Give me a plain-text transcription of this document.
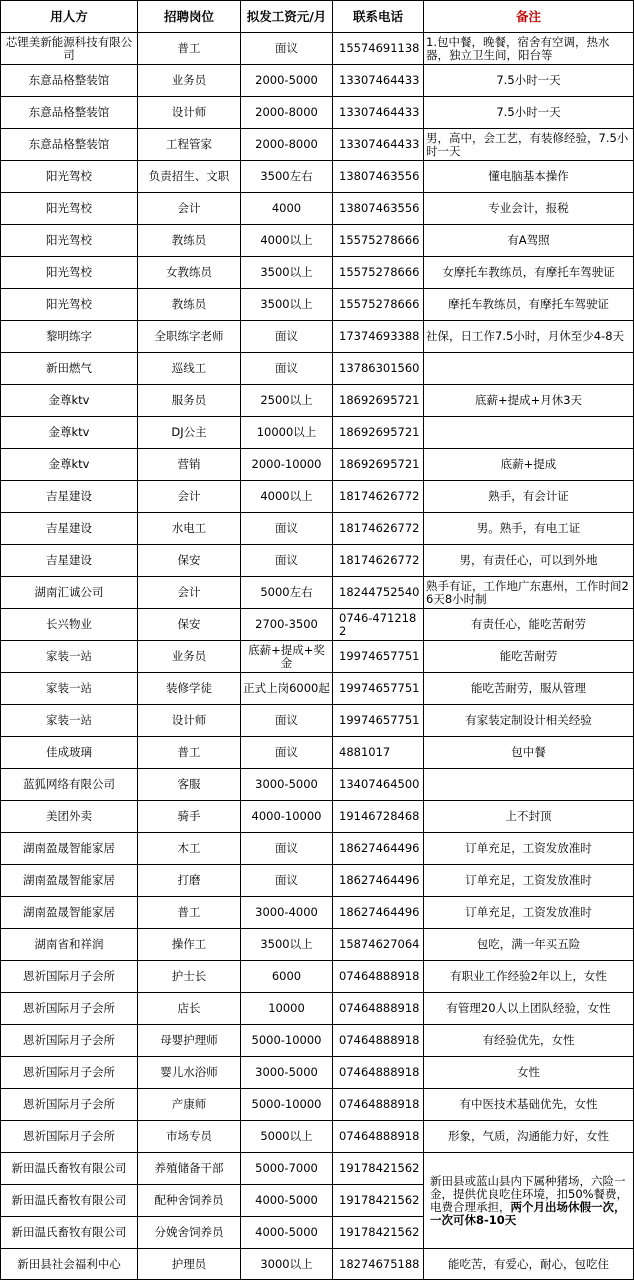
用人方	招聘岗位	拟发工资元/月	联系电话	备注
芯锂美新能源科技有限公司	普工	面议	15574691138	1.包中餐，晚餐，宿舍有空调，热水器，独立卫生间，阳台等
东意品格整装馆	业务员	2000-5000	13307464433	7.5小时一天
东意品格整装馆	设计师	2000-8000	13307464433	7.5小时一天
东意品格整装馆	工程管家	2000-8000	13307464433	男，高中，会工艺，有装修经验，7.5小时一天
阳光驾校	负责招生、文职	3500左右	13807463556	懂电脑基本操作
阳光驾校	会计	4000	13807463556	专业会计，报税
阳光驾校	教练员	4000以上	15575278666	有A驾照
阳光驾校	女教练员	3500以上	15575278666	女摩托车教练员，有摩托车驾驶证
阳光驾校	教练员	3500以上	15575278666	摩托车教练员，有摩托车驾驶证
黎明练字	全职练字老师	面议	17374693388	社保，日工作7.5小时，月休至少4-8天
新田燃气	巡线工	面议	13786301560	
金尊ktv	服务员	2500以上	18692695721	底薪+提成+月休3天
金尊ktv	DJ公主	10000以上	18692695721	
金尊ktv	营销	2000-10000	18692695721	底薪+提成
吉星建设	会计	4000以上	18174626772	熟手，有会计证
吉星建设	水电工	面议	18174626772	男。熟手，有电工证
吉星建设	保安	面议	18174626772	男，有责任心，可以到外地
湖南汇诚公司	会计	5000左右	18244752540	熟手有证，工作地广东惠州，工作时间26天8小时制
长兴物业	保安	2700-3500	0746-4712182	有责任心，能吃苦耐劳
家装一站	业务员	底薪+提成+奖金	19974657751	能吃苦耐劳
家装一站	装修学徒	正式上岗6000起	19974657751	能吃苦耐劳，服从管理
家装一站	设计师	面议	19974657751	有家装定制设计相关经验
佳成玻璃	普工	面议	4881017	包中餐
蓝狐网络有限公司	客服	3000-5000	13407464500	
美团外卖	骑手	4000-10000	19146728468	上不封顶
湖南盈晟智能家居	木工	面议	18627464496	订单充足，工资发放准时
湖南盈晟智能家居	打磨	面议	18627464496	订单充足，工资发放准时
湖南盈晟智能家居	普工	3000-4000	18627464496	订单充足，工资发放准时
湖南省和祥润	操作工	3500以上	15874627064	包吃，满一年买五险
恩祈国际月子会所	护士长	6000	07464888918	有职业工作经验2年以上，女性
恩祈国际月子会所	店长	10000	07464888918	有管理20人以上团队经验，女性
恩祈国际月子会所	母婴护理师	5000-10000	07464888918	有经验优先，女性
恩祈国际月子会所	婴儿水浴师	3000-5000	07464888918	女性
恩祈国际月子会所	产康师	5000-10000	07464888918	有中医技术基础优先，女性
恩祈国际月子会所	市场专员	5000以上	07464888918	形象，气质，沟通能力好，女性
新田温氏畜牧有限公司	养殖储备干部	5000-7000	19178421562	新田县或蓝山县内下属种猪场，六险一金，提供优良吃住环境，扣50%餐费，电费合理承担，两个月出场休假一次，一次可休8-10天
新田温氏畜牧有限公司	配种舍饲养员	4000-5000	19178421562	
新田温氏畜牧有限公司	分娩舍饲养员	4000-5000	19178421562	
新田县社会福利中心	护理员	3000以上	18274675188	能吃苦，有爱心，耐心，包吃住
